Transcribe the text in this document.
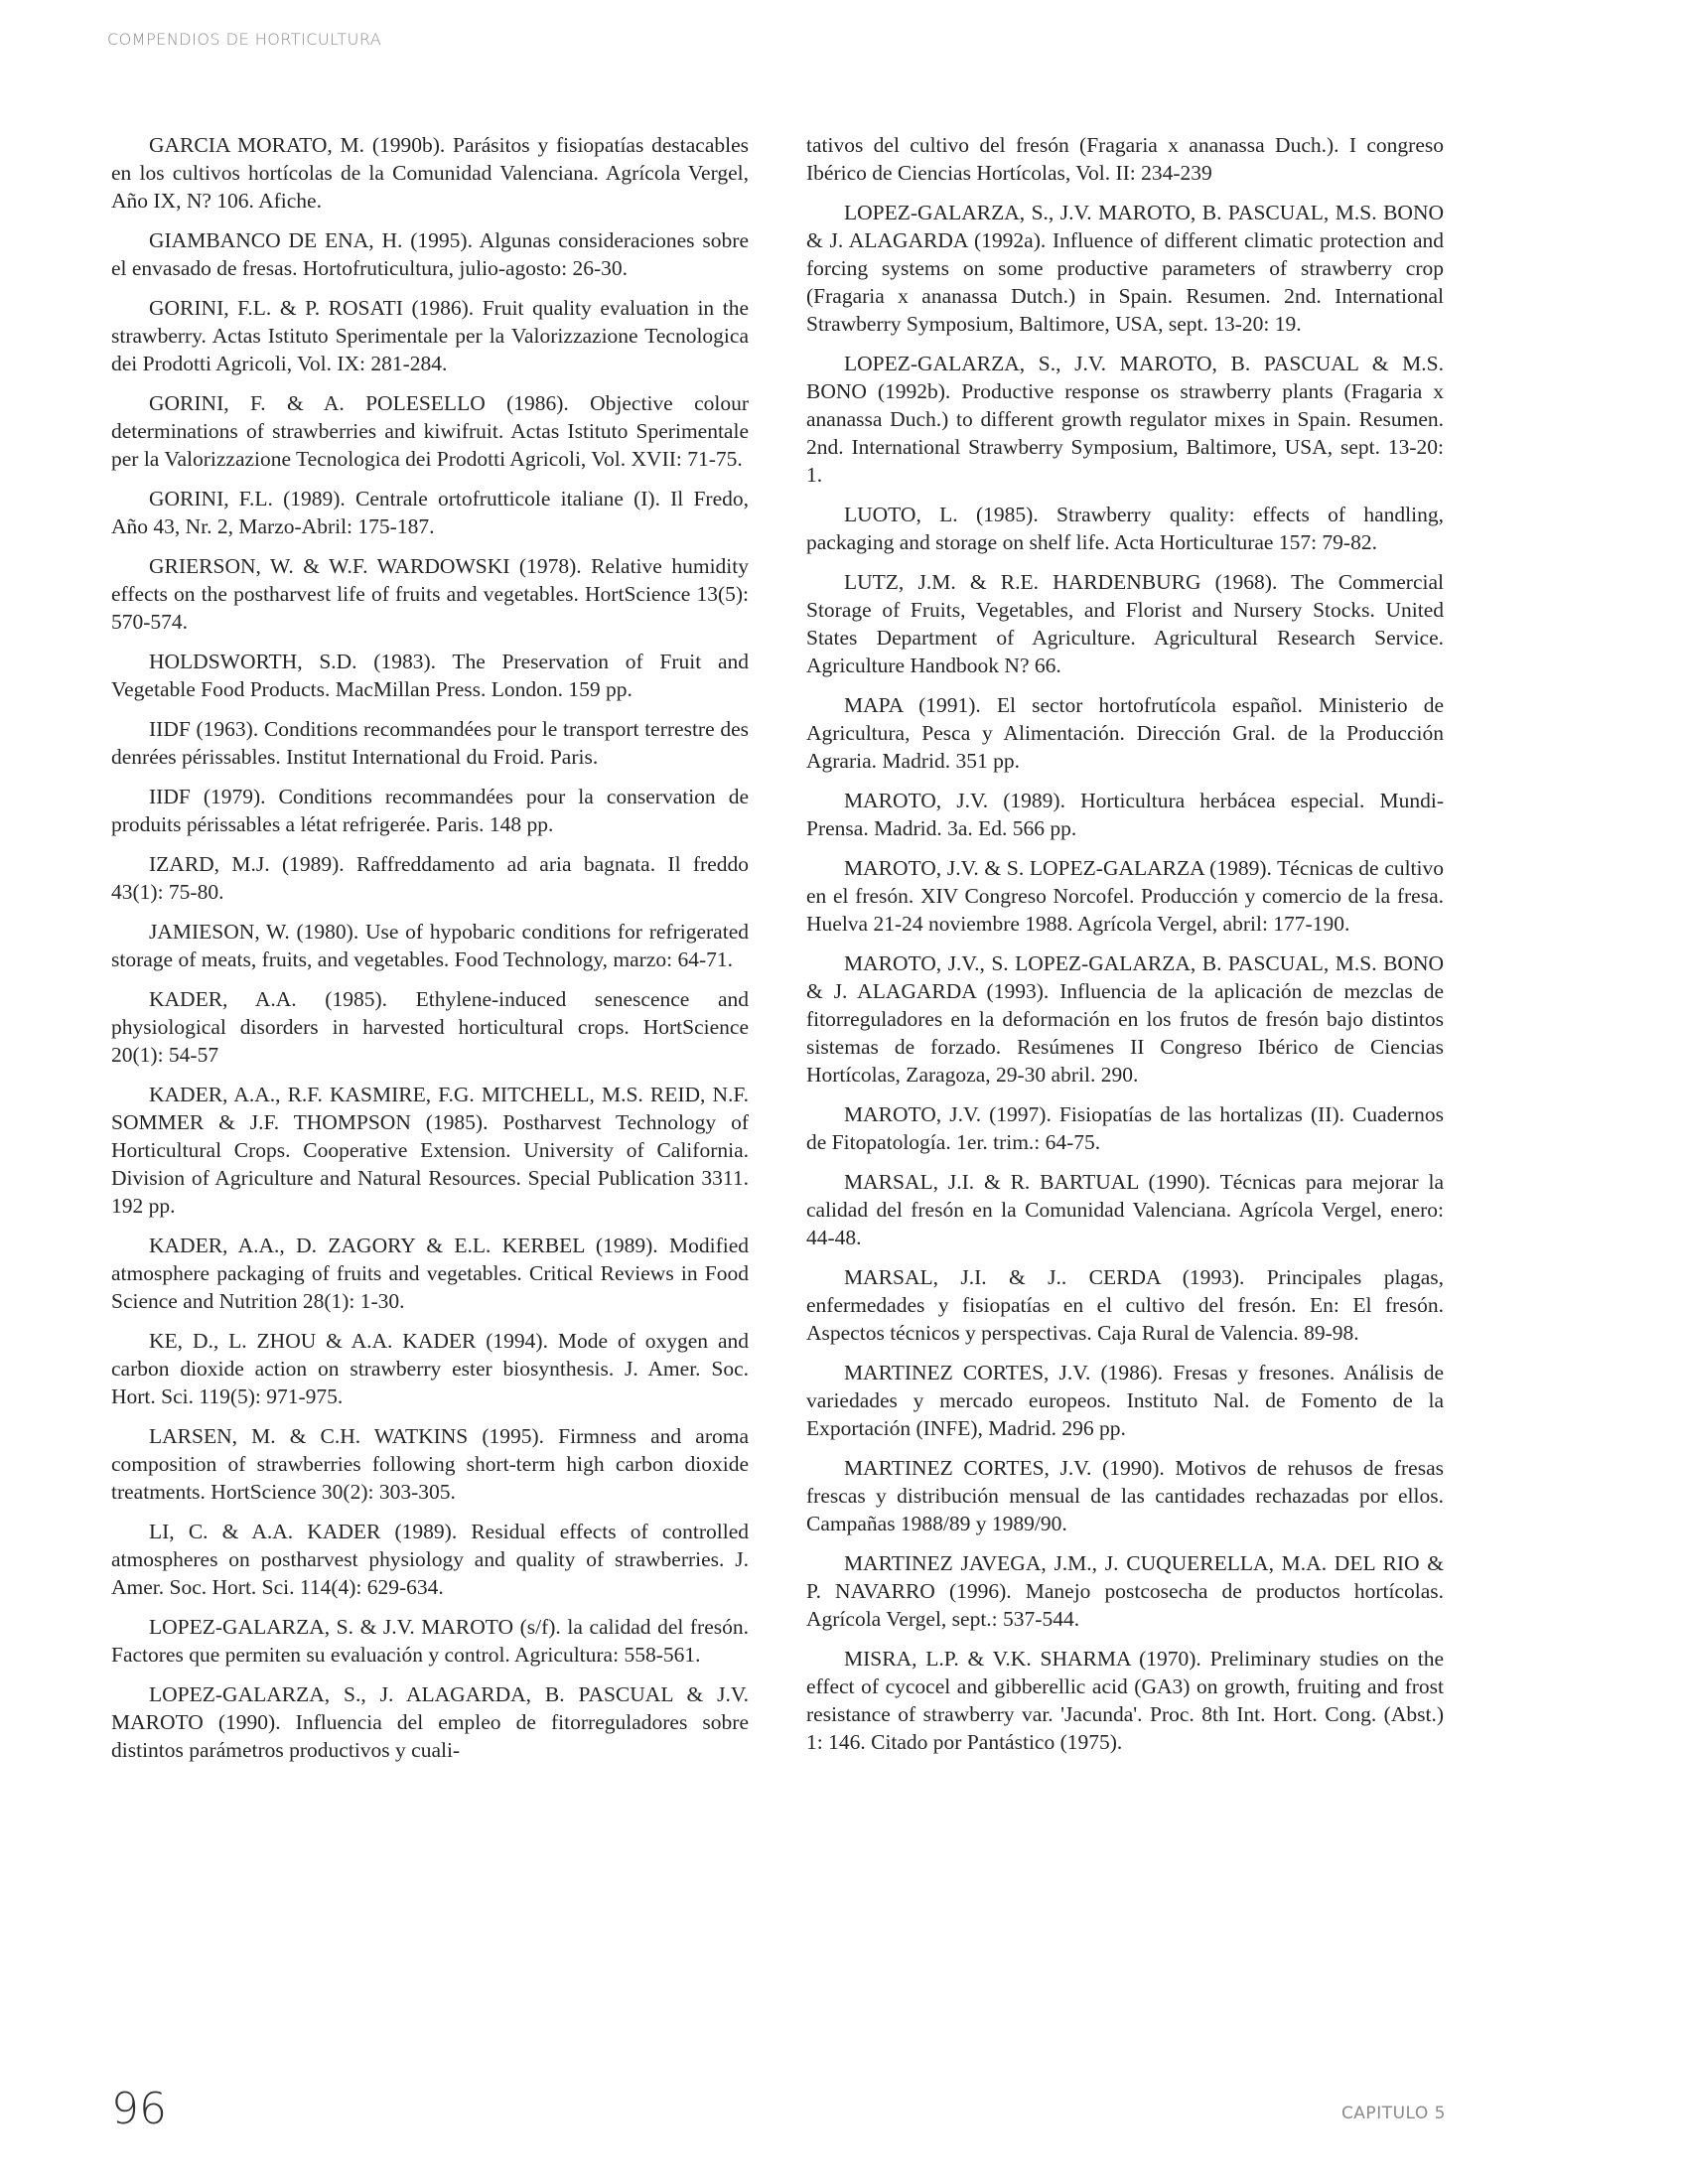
COMPENDIOS DE HORTICULTURA

GARCIA MORATO, M. (1990b). Parásitos y fisiopatías destacables en los cultivos hortícolas de la Comunidad Valenciana. Agrícola Vergel, Año IX, N? 106. Afiche.

GIAMBANCO DE ENA, H. (1995). Algunas consideraciones sobre el envasado de fresas. Hortofruticultura, julio-agosto: 26-30.

GORINI, F.L. & P. ROSATI (1986). Fruit quality evaluation in the strawberry. Actas Istituto Sperimentale per la Valorizzazione Tecnologica dei Prodotti Agricoli, Vol. IX: 281-284.

GORINI, F. & A. POLESELLO (1986). Objective colour determinations of strawberries and kiwifruit. Actas Istituto Sperimentale per la Valorizzazione Tecnologica dei Prodotti Agricoli, Vol. XVII: 71-75.

GORINI, F.L. (1989). Centrale ortofrutticole italiane (I). Il Fredo, Año 43, Nr. 2, Marzo-Abril: 175-187.

GRIERSON, W. & W.F. WARDOWSKI (1978). Relative humidity effects on the postharvest life of fruits and vegetables. HortScience 13(5): 570-574.

HOLDSWORTH, S.D. (1983). The Preservation of Fruit and Vegetable Food Products. MacMillan Press. London. 159 pp.

IIDF (1963). Conditions recommandées pour le transport terrestre des denrées périssables. Institut International du Froid. Paris.

IIDF (1979). Conditions recommandées pour la conservation de produits périssables a létat refrigerée. Paris. 148 pp.

IZARD, M.J. (1989). Raffreddamento ad aria bagnata. Il freddo 43(1): 75-80.

JAMIESON, W. (1980). Use of hypobaric conditions for refrigerated storage of meats, fruits, and vegetables. Food Technology, marzo: 64-71.

KADER, A.A. (1985). Ethylene-induced senescence and physiological disorders in harvested horticultural crops. HortScience 20(1): 54-57

KADER, A.A., R.F. KASMIRE, F.G. MITCHELL, M.S. REID, N.F. SOMMER & J.F. THOMPSON (1985). Postharvest Technology of Horticultural Crops. Cooperative Extension. University of California. Division of Agriculture and Natural Resources. Special Publication 3311. 192 pp.

KADER, A.A., D. ZAGORY & E.L. KERBEL (1989). Modified atmosphere packaging of fruits and vegetables. Critical Reviews in Food Science and Nutrition 28(1): 1-30.

KE, D., L. ZHOU & A.A. KADER (1994). Mode of oxygen and carbon dioxide action on strawberry ester biosynthesis. J. Amer. Soc. Hort. Sci. 119(5): 971-975.

LARSEN, M. & C.H. WATKINS (1995). Firmness and aroma composition of strawberries following short-term high carbon dioxide treatments. HortScience 30(2): 303-305.

LI, C. & A.A. KADER (1989). Residual effects of controlled atmospheres on postharvest physiology and quality of strawberries. J. Amer. Soc. Hort. Sci. 114(4): 629-634.

LOPEZ-GALARZA, S. & J.V. MAROTO (s/f). la calidad del fresón. Factores que permiten su evaluación y control. Agricultura: 558-561.

LOPEZ-GALARZA, S., J. ALAGARDA, B. PASCUAL & J.V. MAROTO (1990). Influencia del empleo de fitorreguladores sobre distintos parámetros productivos y cuali-

tativos del cultivo del fresón (Fragaria x ananassa Duch.). I congreso Ibérico de Ciencias Hortícolas, Vol. II: 234-239

LOPEZ-GALARZA, S., J.V. MAROTO, B. PASCUAL, M.S. BONO & J. ALAGARDA (1992a). Influence of different climatic protection and forcing systems on some productive parameters of strawberry crop (Fragaria x ananassa Dutch.) in Spain. Resumen. 2nd. International Strawberry Symposium, Baltimore, USA, sept. 13-20: 19.

LOPEZ-GALARZA, S., J.V. MAROTO, B. PASCUAL & M.S. BONO (1992b). Productive response os strawberry plants (Fragaria x ananassa Duch.) to different growth regulator mixes in Spain. Resumen. 2nd. International Strawberry Symposium, Baltimore, USA, sept. 13-20: 1.

LUOTO, L. (1985). Strawberry quality: effects of handling, packaging and storage on shelf life. Acta Horticulturae 157: 79-82.

LUTZ, J.M. & R.E. HARDENBURG (1968). The Commercial Storage of Fruits, Vegetables, and Florist and Nursery Stocks. United States Department of Agriculture. Agricultural Research Service. Agriculture Handbook N? 66.

MAPA (1991). El sector hortofrutícola español. Ministerio de Agricultura, Pesca y Alimentación. Dirección Gral. de la Producción Agraria. Madrid. 351 pp.

MAROTO, J.V. (1989). Horticultura herbácea especial. Mundi-Prensa. Madrid. 3a. Ed. 566 pp.

MAROTO, J.V. & S. LOPEZ-GALARZA (1989). Técnicas de cultivo en el fresón. XIV Congreso Norcofel. Producción y comercio de la fresa. Huelva 21-24 noviembre 1988. Agrícola Vergel, abril: 177-190.

MAROTO, J.V., S. LOPEZ-GALARZA, B. PASCUAL, M.S. BONO & J. ALAGARDA (1993). Influencia de la aplicación de mezclas de fitorreguladores en la deformación en los frutos de fresón bajo distintos sistemas de forzado. Resúmenes II Congreso Ibérico de Ciencias Hortícolas, Zaragoza, 29-30 abril. 290.

MAROTO, J.V. (1997). Fisiopatías de las hortalizas (II). Cuadernos de Fitopatología. 1er. trim.: 64-75.

MARSAL, J.I. & R. BARTUAL (1990). Técnicas para mejorar la calidad del fresón en la Comunidad Valenciana. Agrícola Vergel, enero: 44-48.

MARSAL, J.I. & J.. CERDA (1993). Principales plagas, enfermedades y fisiopatías en el cultivo del fresón. En: El fresón. Aspectos técnicos y perspectivas. Caja Rural de Valencia. 89-98.

MARTINEZ CORTES, J.V. (1986). Fresas y fresones. Análisis de variedades y mercado europeos. Instituto Nal. de Fomento de la Exportación (INFE), Madrid. 296 pp.

MARTINEZ CORTES, J.V. (1990). Motivos de rehusos de fresas frescas y distribución mensual de las cantidades rechazadas por ellos. Campañas 1988/89 y 1989/90.

MARTINEZ JAVEGA, J.M., J. CUQUERELLA, M.A. DEL RIO & P. NAVARRO (1996). Manejo postcosecha de productos hortícolas. Agrícola Vergel, sept.: 537-544.

MISRA, L.P. & V.K. SHARMA (1970). Preliminary studies on the effect of cycocel and gibberellic acid (GA3) on growth, fruiting and frost resistance of strawberry var. 'Jacunda'. Proc. 8th Int. Hort. Cong. (Abst.) 1: 146. Citado por Pantástico (1975).

96	CAPITULO 5
